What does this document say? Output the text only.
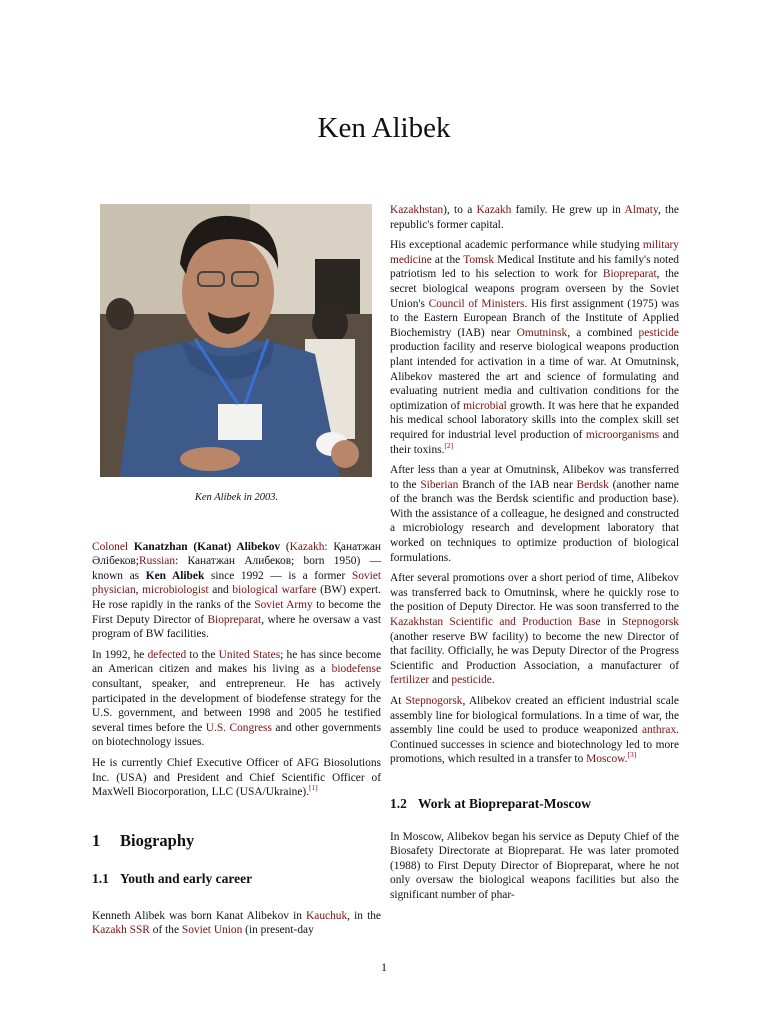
Ken Alibek
Ken Alibek in 2003.

Colonel Kanatzhan (Kanat) Alibekov (Kazakh: Қанатжан Әлібеков;Russian: Канатжан Алибеков; born 1950) — known as Ken Alibek since 1992 — is a former Soviet physician, microbiologist and biological warfare (BW) expert. He rose rapidly in the ranks of the Soviet Army to become the First Deputy Director of Biopreparat, where he oversaw a vast program of BW facilities.

In 1992, he defected to the United States; he has since become an American citizen and makes his living as a biodefense consultant, speaker, and entrepreneur. He has actively participated in the development of biodefense strategy for the U.S. government, and between 1998 and 2005 he testified several times before the U.S. Congress and other governments on biotechnology issues.

He is currently Chief Executive Officer of AFG Biosolutions Inc. (USA) and President and Chief Scientific Officer of MaxWell Biocorporation, LLC (USA/Ukraine).[1]

1 Biography
1.1 Youth and early career

Kenneth Alibek was born Kanat Alibekov in Kauchuk, in the Kazakh SSR of the Soviet Union (in present-day

Kazakhstan), to a Kazakh family. He grew up in Almaty, the republic's former capital.

His exceptional academic performance while studying military medicine at the Tomsk Medical Institute and his family's noted patriotism led to his selection to work for Biopreparat, the secret biological weapons program overseen by the Soviet Union's Council of Ministers. His first assignment (1975) was to the Eastern European Branch of the Institute of Applied Biochemistry (IAB) near Omutninsk, a combined pesticide production facility and reserve biological weapons production plant intended for activation in a time of war. At Omutninsk, Alibekov mastered the art and science of formulating and evaluating nutrient media and cultivation conditions for the optimization of microbial growth. It was here that he expanded his medical school laboratory skills into the complex skill set required for industrial level production of microorganisms and their toxins.[2]

After less than a year at Omutninsk, Alibekov was transferred to the Siberian Branch of the IAB near Berdsk (another name of the branch was the Berdsk scientific and production base). With the assistance of a colleague, he designed and constructed a microbiology research and development laboratory that worked on techniques to optimize production of biological formulations.

After several promotions over a short period of time, Alibekov was transferred back to Omutninsk, where he quickly rose to the position of Deputy Director. He was soon transferred to the Kazakhstan Scientific and Production Base in Stepnogorsk (another reserve BW facility) to become the new Director of that facility. Officially, he was Deputy Director of the Progress Scientific and Production Association, a manufacturer of fertilizer and pesticide.

At Stepnogorsk, Alibekov created an efficient industrial scale assembly line for biological formulations. In a time of war, the assembly line could be used to produce weaponized anthrax. Continued successes in science and biotechnology led to more promotions, which resulted in a transfer to Moscow.[3]

1.2 Work at Biopreparat-Moscow

In Moscow, Alibekov began his service as Deputy Chief of the Biosafety Directorate at Biopreparat. He was later promoted (1988) to First Deputy Director of Biopreparat, where he not only oversaw the biological weapons facilities but also the significant number of phar-

1
